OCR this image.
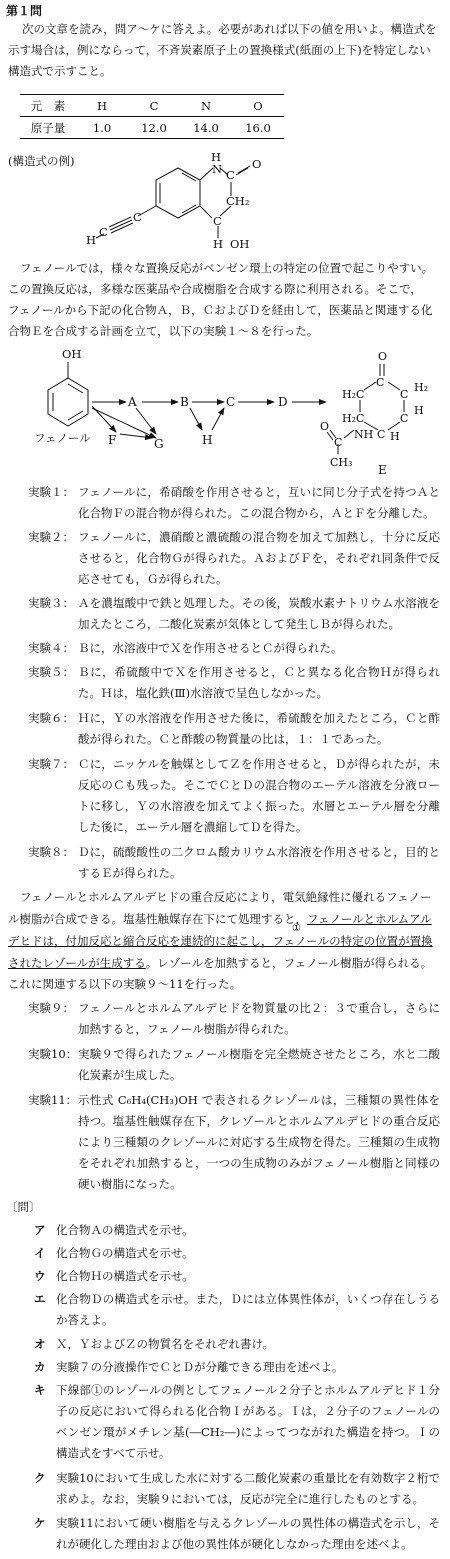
第１問
次の文章を読み，問ア～ケに答えよ。必要があれば以下の値を用いよ。構造式を
示す場合は，例にならって，不斉炭素原子上の置換様式(紙面の上下)を特定しない
構造式で示すこと。
元　素	H	C	N	O
原子量	1.0	12.0	14.0	16.0
(構造式の例)	H
N C
O
CH₂
C
H OH
C
C
H
フェノールでは，様々な置換反応がベンゼン環上の特定の位置で起こりやすい。
この置換反応は，多様な医薬品や合成樹脂を合成する際に利用される。そこで，
フェノールから下記の化合物Ａ，Ｂ，ＣおよびＤを経由して，医薬品と関連する化
合物Ｅを合成する計画を立て，以下の実験１～８を行った。
OH
フェノール
A
F	G
B
H
C	D
E
O
C
H₂C	C
H₂
H₂C	C
H
C
NH H
O
C
CH₃
実験１： フェノールに，希硝酸を作用させると，互いに同じ分子式を持つＡと化合物Ｆの混合物が得られた。この混合物から，ＡとＦを分離した。
実験２： フェノールに，濃硝酸と濃硫酸の混合物を加えて加熱し，十分に反応させると，化合物Ｇが得られた。ＡおよびＦを，それぞれ同条件で反応させても，Ｇが得られた。
実験３： Ａを濃塩酸中で鉄と処理した。その後，炭酸水素ナトリウム水溶液を加えたところ，二酸化炭素が気体として発生しＢが得られた。
実験４： Ｂに，水溶液中でＸを作用させるとＣが得られた。
実験５： Ｂに，希硫酸中でＸを作用させると，Ｃと異なる化合物Ｈが得られた。Ｈは，塩化鉄(Ⅲ)水溶液で呈色しなかった。
実験６： Ｈに，Ｙの水溶液を作用させた後に，希硫酸を加えたところ，Ｃと酢酸が得られた。Ｃと酢酸の物質量の比は，１：１であった。
実験７： Ｃに，ニッケルを触媒としてＺを作用させると，Ｄが得られたが，未反応のＣも残った。そこでＣとＤの混合物のエーテル溶液を分液ロートに移し，Ｙの水溶液を加えてよく振った。水層とエーテル層を分離した後に，エーテル層を濃縮してＤを得た。
実験８： Ｄに，硫酸酸性の二クロム酸カリウム水溶液を作用させると，目的とするＥが得られた。
フェノールとホルムアルデヒドの重合反応により，電気絶縁性に優れるフェノー
ル樹脂が合成できる。塩基性触媒存在下にて処理すると，フェノールとホルムアル
デヒドは，付加反応と縮合反応を連続的に起こし，フェノールの特定の位置が置換
①
されたレゾールが生成する。レゾールを加熱すると，フェノール樹脂が得られる。
これに関連する以下の実験９～11を行った。
実験９： フェノールとホルムアルデヒドを物質量の比２：３で重合し，さらに加熱すると，フェノール樹脂が得られた。
実験10： 実験９で得られたフェノール樹脂を完全燃焼させたところ，水と二酸化炭素が生成した。
実験11： 示性式 C₆H₄(CH₃)OH で表されるクレゾールは，三種類の異性体を持つ。塩基性触媒存在下，クレゾールとホルムアルデヒドの重合反応により三種類のクレゾールに対応する生成物を得た。三種類の生成物をそれぞれ加熱すると，一つの生成物のみがフェノール樹脂と同様の硬い樹脂になった。
〔問〕
ア 化合物Ａの構造式を示せ。
イ 化合物Ｇの構造式を示せ。
ウ 化合物Ｈの構造式を示せ。
エ 化合物Ｄの構造式を示せ。また，Ｄには立体異性体が，いくつ存在しうるか答えよ。
オ Ｘ，ＹおよびＺの物質名をそれぞれ書け。
カ 実験７の分液操作でＣとＤが分離できる理由を述べよ。
キ 下線部①のレゾールの例としてフェノール２分子とホルムアルデヒド１分子の反応において得られる化合物Ｉがある。Ｉは，２分子のフェノールのベンゼン環がメチレン基(―CH₂―)によってつながれた構造を持つ。Ｉの構造式をすべて示せ。
ク 実験10において生成した水に対する二酸化炭素の重量比を有効数字２桁で求めよ。なお，実験９においては，反応が完全に進行したものとする。
ケ 実験11において硬い樹脂を与えるクレゾールの異性体の構造式を示し，それが硬化した理由および他の異性体が硬化しなかった理由を述べよ。
